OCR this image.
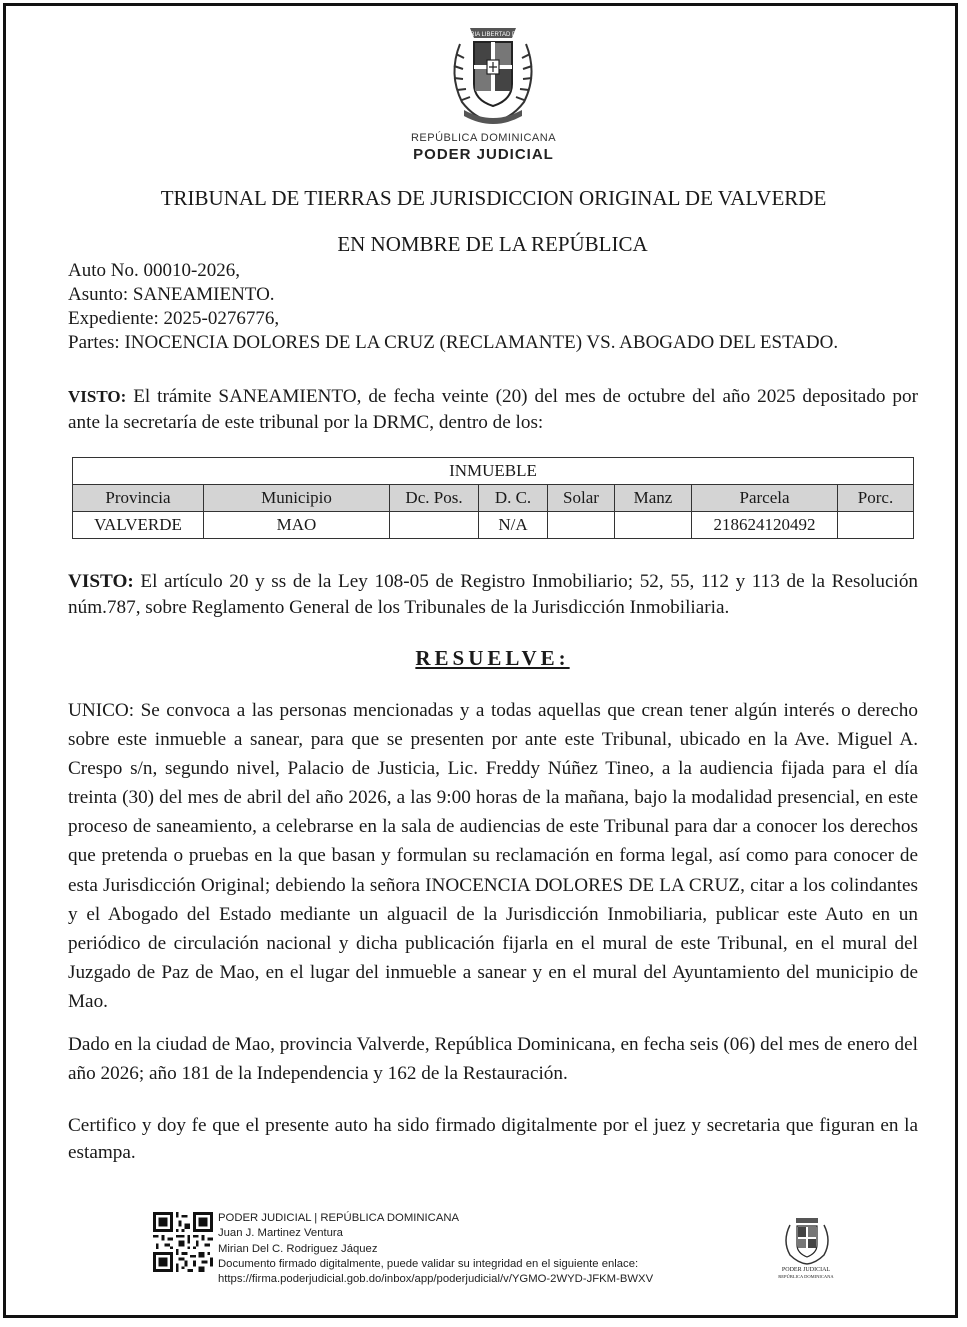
PATRIA LIBERTAD DIOS
REPÚBLICA DOMINICANA
PODER JUDICIAL
TRIBUNAL DE TIERRAS DE JURISDICCION ORIGINAL DE VALVERDE
EN NOMBRE DE LA REPÚBLICA
Auto No. 00010-2026,
Asunto: SANEAMIENTO.
Expediente: 2025-0276776,
Partes: INOCENCIA DOLORES DE LA CRUZ (RECLAMANTE) VS. ABOGADO DEL ESTADO.
VISTO: El trámite SANEAMIENTO, de fecha veinte (20) del mes de octubre del año 2025 depositado por ante la secretaría de este tribunal por la DRMC, dentro de los:
INMUEBLE							
Provincia	Municipio	Dc. Pos.	D. C.	Solar	Manz	Parcela	Porc.
VALVERDE	MAO		N/A			218624120492	
VISTO: El artículo 20 y ss de la Ley 108-05 de Registro Inmobiliario; 52, 55, 112 y 113 de la Resolución núm.787, sobre Reglamento General de los Tribunales de la Jurisdicción Inmobiliaria.
RESUELVE:
UNICO: Se convoca a las personas mencionadas y a todas aquellas que crean tener algún interés o derecho sobre este inmueble a sanear, para que se presenten por ante este Tribunal, ubicado en la Ave. Miguel A. Crespo s/n, segundo nivel, Palacio de Justicia, Lic. Freddy Núñez Tineo, a la audiencia fijada para el día treinta (30) del mes de abril del año 2026, a las 9:00 horas de la mañana, bajo la modalidad presencial, en este proceso de saneamiento, a celebrarse en la sala de audiencias de este Tribunal para dar a conocer los derechos que pretenda o pruebas en la que basan y formulan su reclamación en forma legal, así como para conocer de esta Jurisdicción Original; debiendo la señora INOCENCIA DOLORES DE LA CRUZ, citar a los colindantes y el Abogado del Estado mediante un alguacil de la Jurisdicción Inmobiliaria, publicar este Auto en un periódico de circulación nacional y dicha publicación fijarla en el mural de este Tribunal, en el mural del Juzgado de Paz de Mao, en el lugar del inmueble a sanear y en el mural del Ayuntamiento del municipio de Mao.
Dado en la ciudad de Mao, provincia Valverde, República Dominicana, en fecha seis (06) del mes de enero del año 2026; año 181 de la Independencia y 162 de la Restauración.
Certifico y doy fe que el presente auto ha sido firmado digitalmente por el juez y secretaria que figuran en la estampa.
PODER JUDICIAL | REPÚBLICA DOMINICANA
Juan J. Martinez Ventura
Mirian Del C. Rodriguez Jáquez
Documento firmado digitalmente, puede validar su integridad en el siguiente enlace:
https://firma.poderjudicial.gob.do/inbox/app/poderjudicial/v/YGMO-2WYD-JFKM-BWXV
PODER JUDICIAL
REPÚBLICA DOMINICANA
